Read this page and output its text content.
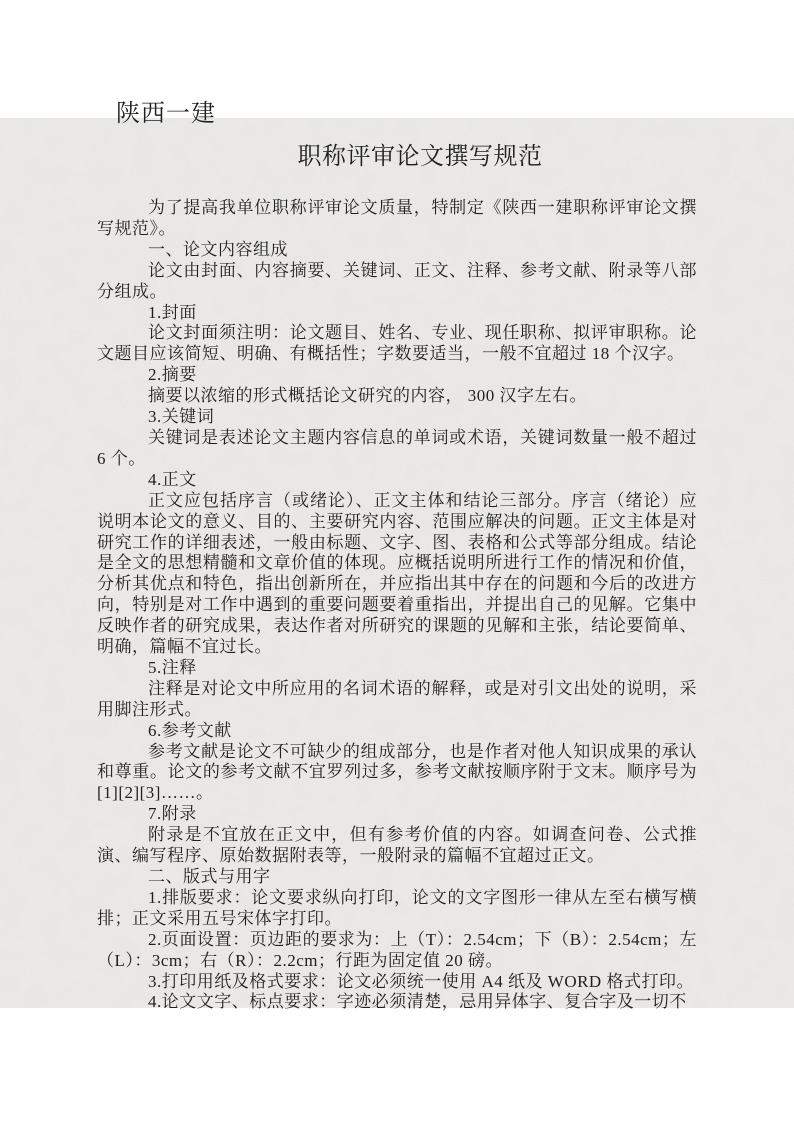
陕西一建
职称评审论文撰写规范

为了提高我单位职称评审论文质量，特制定《陕西一建职称评审论文撰写规范》。

一、论文内容组成

论文由封面、内容摘要、关键词、正文、注释、参考文献、附录等八部分组成。

1.封面

论文封面须注明：论文题目、姓名、专业、现任职称、拟评审职称。论文题目应该简短、明确、有概括性；字数要适当，一般不宜超过 18 个汉字。

2.摘要

摘要以浓缩的形式概括论文研究的内容， 300 汉字左右。

3.关键词

关键词是表述论文主题内容信息的单词或术语，关键词数量一般不超过 6 个。

4.正文

正文应包括序言（或绪论）、正文主体和结论三部分。序言（绪论）应说明本论文的意义、目的、主要研究内容、范围应解决的问题。正文主体是对研究工作的详细表述，一般由标题、文字、图、表格和公式等部分组成。结论是全文的思想精髓和文章价值的体现。应概括说明所进行工作的情况和价值，分析其优点和特色，指出创新所在，并应指出其中存在的问题和今后的改进方向，特别是对工作中遇到的重要问题要着重指出，并提出自己的见解。它集中反映作者的研究成果，表达作者对所研究的课题的见解和主张，结论要简单、明确，篇幅不宜过长。

5.注释

注释是对论文中所应用的名词术语的解释，或是对引文出处的说明，采用脚注形式。

6.参考文献

参考文献是论文不可缺少的组成部分，也是作者对他人知识成果的承认和尊重。论文的参考文献不宜罗列过多，参考文献按顺序附于文末。顺序号为[1][2][3]……。

7.附录

附录是不宜放在正文中，但有参考价值的内容。如调查问卷、公式推演、编写程序、原始数据附表等，一般附录的篇幅不宜超过正文。

二、版式与用字

1.排版要求：论文要求纵向打印，论文的文字图形一律从左至右横写横排；正文采用五号宋体字打印。

2.页面设置：页边距的要求为：上（T）：2.54cm；下（B）：2.54cm；左（L）：3cm；右（R）：2.2cm；行距为固定值 20 磅。

3.打印用纸及格式要求：论文必须统一使用 A4 纸及 WORD 格式打印。

4.论文文字、标点要求：字迹必须清楚，忌用异体字、复合字及一切不
